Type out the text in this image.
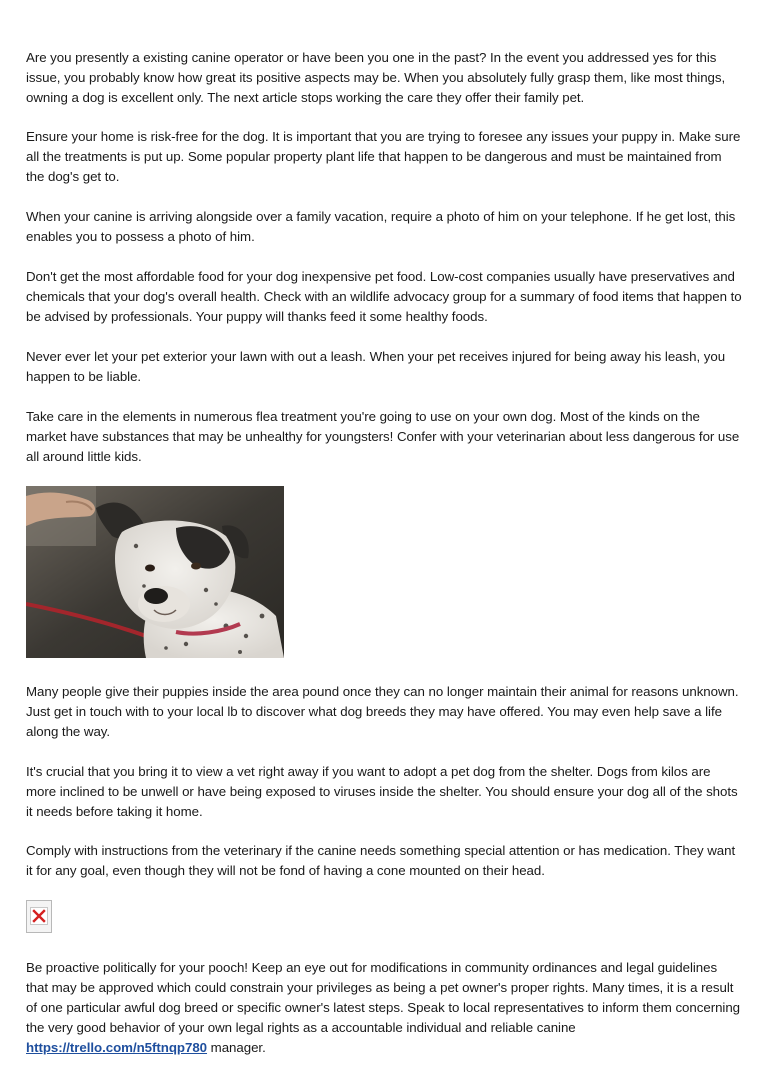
Are you presently a existing canine operator or have been you one in the past? In the event you addressed yes for this issue, you probably know how great its positive aspects may be. When you absolutely fully grasp them, like most things, owning a dog is excellent only. The next article stops working the care they offer their family pet.

Ensure your home is risk-free for the dog. It is important that you are trying to foresee any issues your puppy in. Make sure all the treatments is put up. Some popular property plant life that happen to be dangerous and must be maintained from the dog's get to.

When your canine is arriving alongside over a family vacation, require a photo of him on your telephone. If he get lost, this enables you to possess a photo of him.

Don't get the most affordable food for your dog inexpensive pet food. Low-cost companies usually have preservatives and chemicals that your dog's overall health. Check with an wildlife advocacy group for a summary of food items that happen to be advised by professionals. Your puppy will thanks feed it some healthy foods.

Never ever let your pet exterior your lawn with out a leash. When your pet receives injured for being away his leash, you happen to be liable.

Take care in the elements in numerous flea treatment you're going to use on your own dog. Most of the kinds on the market have substances that may be unhealthy for youngsters! Confer with your veterinarian about less dangerous for use all around little kids.

Many people give their puppies inside the area pound once they can no longer maintain their animal for reasons unknown. Just get in touch with to your local lb to discover what dog breeds they may have offered. You may even help save a life along the way.

It's crucial that you bring it to view a vet right away if you want to adopt a pet dog from the shelter. Dogs from kilos are more inclined to be unwell or have being exposed to viruses inside the shelter. You should ensure your dog all of the shots it needs before taking it home.

Comply with instructions from the veterinary if the canine needs something special attention or has medication. They want it for any goal, even though they will not be fond of having a cone mounted on their head.

Be proactive politically for your pooch! Keep an eye out for modifications in community ordinances and legal guidelines that may be approved which could constrain your privileges as being a pet owner's proper rights. Many times, it is a result of one particular awful dog breed or specific owner's latest steps. Speak to local representatives to inform them concerning the very good behavior of your own legal rights as a accountable individual and reliable canine https://trello.com/n5ftnqp780 manager.
